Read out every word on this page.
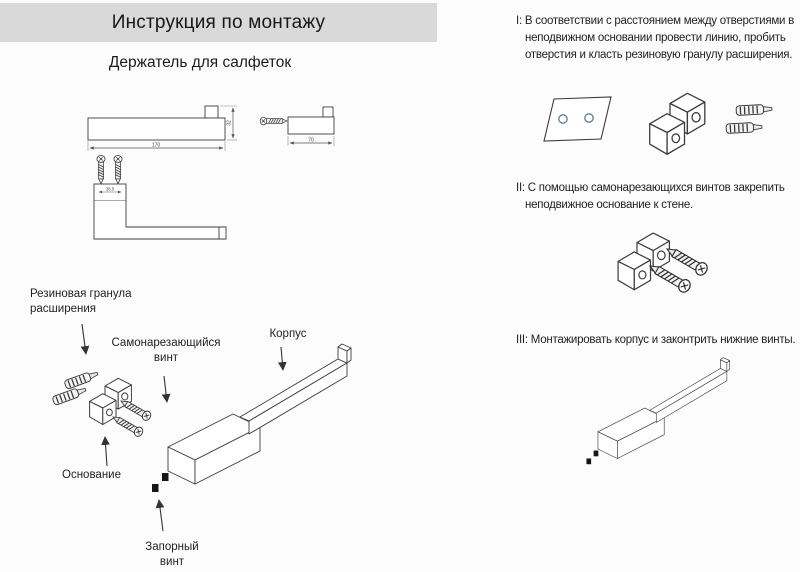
Инструкция по монтажу
Держатель для салфеток
170
32
70
38.5
Резиновая гранула расширения
Самонарезающийся винт
Корпус
Основание
Запорный винт
I: В соответствии с расстоянием между отверстиями в неподвижном основании провести линию, пробить отверстия и класть резиновую гранулу расширения.
II: С помощью самонарезающихся винтов закрепить неподвижное основание к стене.
III: Монтажировать корпус и законтрить нижние винты.
